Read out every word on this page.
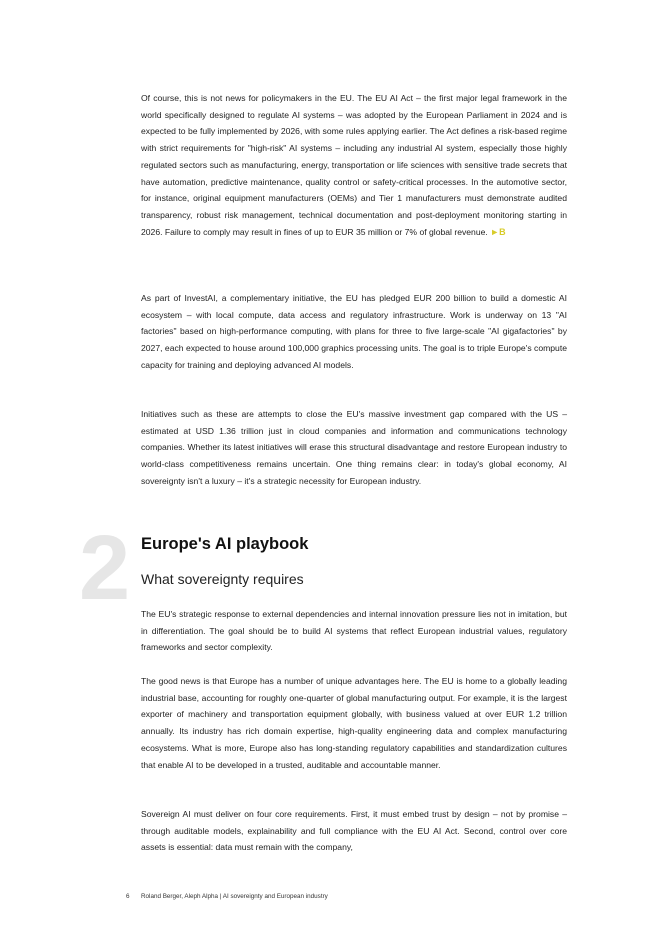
Of course, this is not news for policymakers in the EU. The EU AI Act – the first major legal framework in the world specifically designed to regulate AI systems – was adopted by the European Parliament in 2024 and is expected to be fully implemented by 2026, with some rules applying earlier. The Act defines a risk-based regime with strict requirements for "high-risk" AI systems – including any industrial AI system, especially those highly regulated sectors such as manufacturing, energy, transportation or life sciences with sensitive trade secrets that have automation, predictive maintenance, quality control or safety-critical processes. In the automotive sector, for instance, original equipment manufacturers (OEMs) and Tier 1 manufacturers must demonstrate audited transparency, robust risk management, technical documentation and post-deployment monitoring starting in 2026. Failure to comply may result in fines of up to EUR 35 million or 7% of global revenue. ►B

As part of InvestAI, a complementary initiative, the EU has pledged EUR 200 billion to build a domestic AI ecosystem – with local compute, data access and regulatory infrastructure. Work is underway on 13 "AI factories" based on high-performance computing, with plans for three to five large-scale "AI gigafactories" by 2027, each expected to house around 100,000 graphics processing units. The goal is to triple Europe's compute capacity for training and deploying advanced AI models.

Initiatives such as these are attempts to close the EU's massive investment gap compared with the US – estimated at USD 1.36 trillion just in cloud companies and information and communications technology companies. Whether its latest initiatives will erase this structural disadvantage and restore European industry to world-class competitiveness remains uncertain. One thing remains clear: in today's global economy, AI sovereignty isn't a luxury – it's a strategic necessity for European industry.

2 Europe's AI playbook
What sovereignty requires

The EU's strategic response to external dependencies and internal innovation pressure lies not in imitation, but in differentiation. The goal should be to build AI systems that reflect European industrial values, regulatory frameworks and sector complexity.

The good news is that Europe has a number of unique advantages here. The EU is home to a globally leading industrial base, accounting for roughly one-quarter of global manufacturing output. For example, it is the largest exporter of machinery and transportation equipment globally, with business valued at over EUR 1.2 trillion annually. Its industry has rich domain expertise, high-quality engineering data and complex manufacturing ecosystems. What is more, Europe also has long-standing regulatory capabilities and standardization cultures that enable AI to be developed in a trusted, auditable and accountable manner.

Sovereign AI must deliver on four core requirements. First, it must embed trust by design – not by promise – through auditable models, explainability and full compliance with the EU AI Act. Second, control over core assets is essential: data must remain with the company,

6 Roland Berger, Aleph Alpha | AI sovereignty and European industry
